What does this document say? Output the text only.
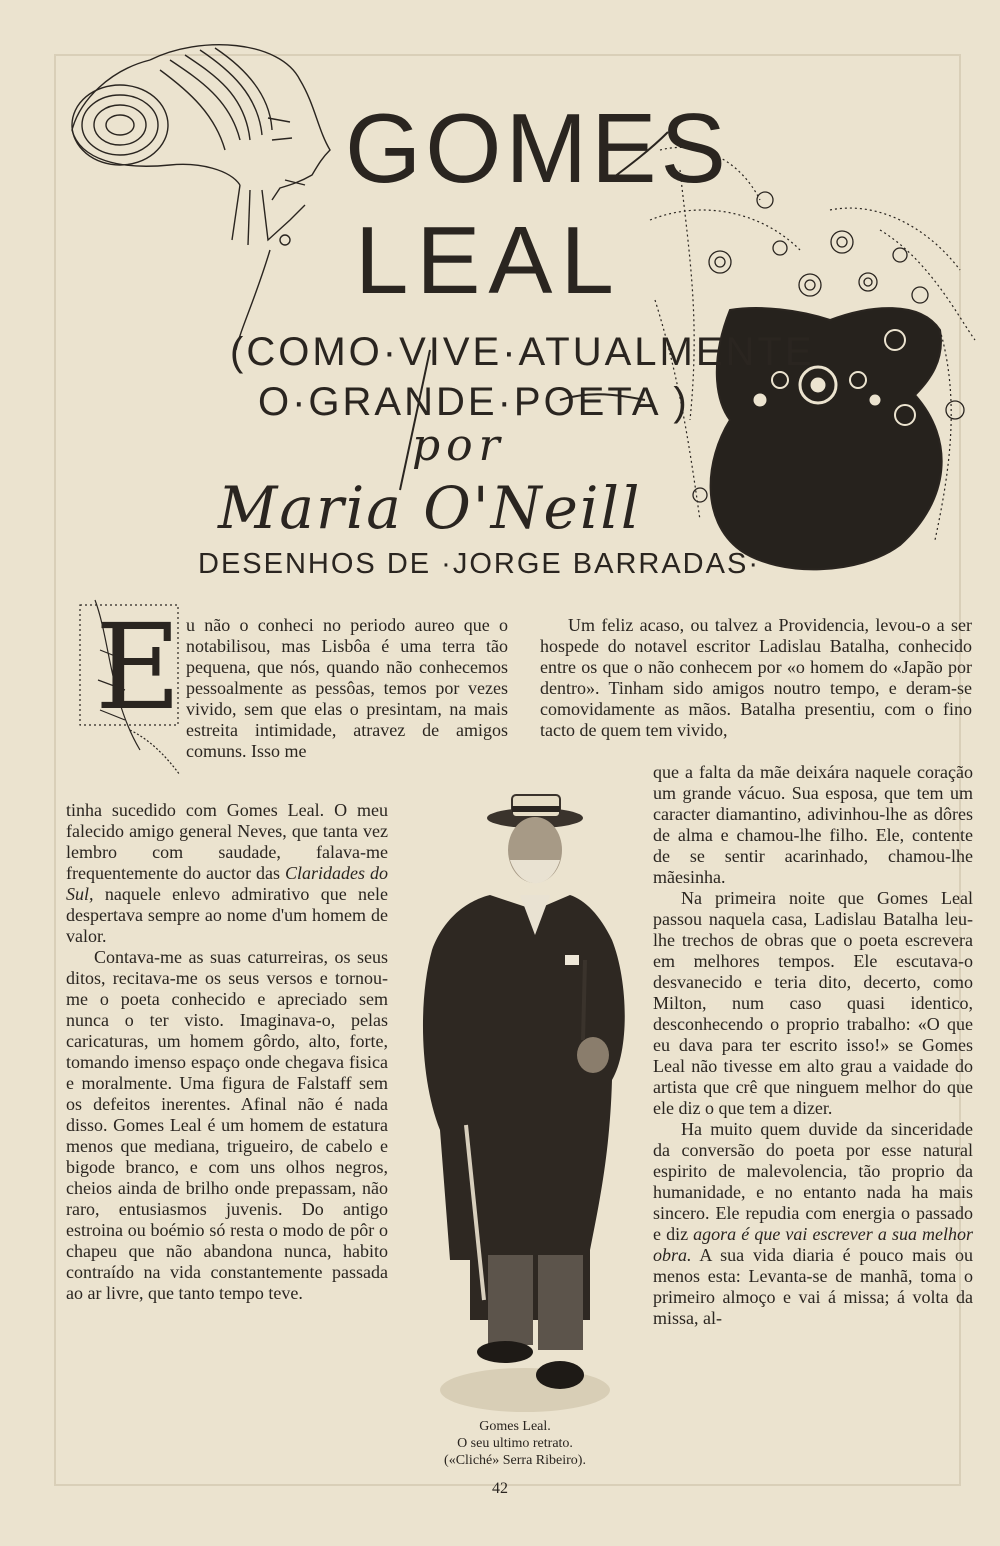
GOMES
LEAL
(COMO·VIVE·ATUALMENTE
O·GRANDE·POETA )
por
Maria O'Neill
DESENHOS DE ·JORGE BARRADAS·
E u não o conheci no periodo aureo que o notabilisou, mas Lisbôa é uma terra tão pequena, que nós, quando não conhecemos pessoalmente as pessôas, temos por vezes vivido, sem que elas o presintam, na mais estreita intimidade, atravez de amigos comuns. Isso me

tinha sucedido com Gomes Leal. O meu falecido amigo general Neves, que tanta vez lembro com saudade, falava-me frequentemente do auctor das Claridades do Sul, naquele enlevo admirativo que nele despertava sempre ao nome d'um homem de valor.

Contava-me as suas caturreiras, os seus ditos, recitava-me os seus versos e tornou-me o poeta conhecido e apreciado sem nunca o ter visto. Imaginava-o, pelas caricaturas, um homem gôrdo, alto, forte, tomando imenso espaço onde chegava fisica e moralmente. Uma figura de Falstaff sem os defeitos inerentes. Afinal não é nada disso. Gomes Leal é um homem de estatura menos que mediana, trigueiro, de cabelo e bigode branco, e com uns olhos negros, cheios ainda de brilho onde prepassam, não raro, entusiasmos juvenis. Do antigo estroina ou boémio só resta o modo de pôr o chapeu que não abandona nunca, habito contraído na vida constantemente passada ao ar livre, que tanto tempo teve.

Um feliz acaso, ou talvez a Providencia, levou-o a ser hospede do notavel escritor Ladislau Batalha, conhecido entre os que o não conhecem por «o homem do «Japão por dentro». Tinham sido amigos noutro tempo, e deram-se comovidamente as mãos. Batalha presentiu, com o fino tacto de quem tem vivido,

que a falta da mãe deixára naquele coração um grande vácuo. Sua esposa, que tem um caracter diamantino, adivinhou-lhe as dôres de alma e chamou-lhe filho. Ele, contente de se sentir acarinhado, chamou-lhe mãesinha.

Na primeira noite que Gomes Leal passou naquela casa, Ladislau Batalha leu-lhe trechos de obras que o poeta escrevera em melhores tempos. Ele escutava-o desvanecido e teria dito, decerto, como Milton, num caso quasi identico, desconhecendo o proprio trabalho: «O que eu dava para ter escrito isso!» se Gomes Leal não tivesse em alto grau a vaidade do artista que crê que ninguem melhor do que ele diz o que tem a dizer.

Ha muito quem duvide da sinceridade da conversão do poeta por esse natural espirito de malevolencia, tão proprio da humanidade, e no entanto nada ha mais sincero. Ele repudia com energia o passado e diz agora é que vai escrever a sua melhor obra. A sua vida diaria é pouco mais ou menos esta: Levanta-se de manhã, toma o primeiro almoço e vai á missa; á volta da missa, al-

Gomes Leal.
O seu ultimo retrato.
(«Cliché» Serra Ribeiro).
42
